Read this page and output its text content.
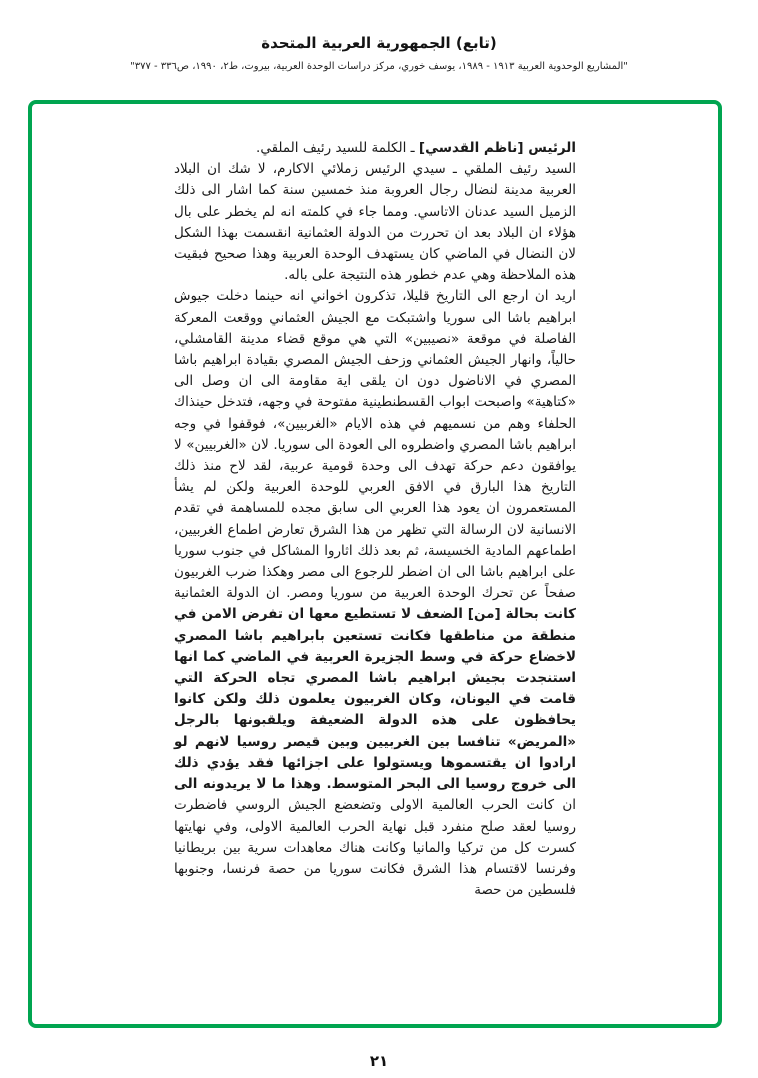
(تابع) الجمهورية العربية المتحدة
"المشاريع الوحدوية العربية ١٩١٣ - ١٩٨٩، يوسف خوري، مركز دراسات الوحدة العربية، بيروت، ط٢، ١٩٩٠، ص٣٣٦ - ٣٧٧"

الرئيس [ناظم القدسي] ـ الكلمة للسيد رئيف الملقي.

السيد رئيف الملقي ـ سيدي الرئيس زملائي الاكارم، لا شك ان البلاد العربية مدينة لنضال رجال العروبة منذ خمسين سنة كما اشار الى ذلك الزميل السيد عدنان الاتاسي. ومما جاء في كلمته انه لم يخطر على بال هؤلاء ان البلاد بعد ان تحررت من الدولة العثمانية انقسمت بهذا الشكل لان النضال في الماضي كان يستهدف الوحدة العربية وهذا صحيح فبقيت هذه الملاحظة وهي عدم خطور هذه النتيجة على باله.

اريد ان ارجع الى التاريخ قليلا، تذكرون اخواني انه حينما دخلت جيوش ابراهيم باشا الى سوريا واشتبكت مع الجيش العثماني ووقعت المعركة الفاصلة في موقعة «نصيبين» التي هي موقع قضاء مدينة القامشلي، حالياً، وانهار الجيش العثماني وزحف الجيش المصري بقيادة ابراهيم باشا المصري في الاناضول دون ان يلقى اية مقاومة الى ان وصل الى «كتاهية» واصبحت ابواب القسطنطينية مفتوحة في وجهه، فتدخل حينذاك الحلفاء وهم من نسميهم في هذه الايام «الغربيين»، فوقفوا في وجه ابراهيم باشا المصري واضطروه الى العودة الى سوريا. لان «الغربيين» لا يوافقون دعم حركة تهدف الى وحدة قومية عربية، لقد لاح منذ ذلك التاريخ هذا البارق في الافق العربي للوحدة العربية ولكن لم يشأ المستعمرون ان يعود هذا العربي الى سابق مجده للمساهمة في تقدم الانسانية لان الرسالة التي تظهر من هذا الشرق تعارض اطماع الغربيين، اطماعهم المادية الخسيسة، ثم بعد ذلك اثاروا المشاكل في جنوب سوريا على ابراهيم باشا الى ان اضطر للرجوع الى مصر وهكذا ضرب الغربيون صفحاً عن تحرك الوحدة العربية من سوريا ومصر. ان الدولة العثمانية كانت بحالة [من] الضعف لا تستطيع معها ان تفرض الامن في منطقة من مناطقها فكانت تستعين بابراهيم باشا المصري لاخضاع حركة في وسط الجزيرة العربية في الماضي كما انها استنجدت بجيش ابراهيم باشا المصري تجاه الحركة التي قامت في اليونان، وكان الغربيون يعلمون ذلك ولكن كانوا يحافظون على هذه الدولة الضعيفة ويلقبونها بالرجل «المريض» تنافسا بين الغربيين وبين قيصر روسيا لانهم لو ارادوا ان يقتسموها ويستولوا على اجزائها فقد يؤدي ذلك الى خروج روسيا الى البحر المتوسط. وهذا ما لا يريدونه الى ان كانت الحرب العالمية الاولى وتضعضع الجيش الروسي فاضطرت روسيا لعقد صلح منفرد قبل نهاية الحرب العالمية الاولى، وفي نهايتها كسرت كل من تركيا والمانيا وكانت هناك معاهدات سرية بين بريطانيا وفرنسا لاقتسام هذا الشرق فكانت سوريا من حصة فرنسا، وجنوبها فلسطين من حصة

٢١
